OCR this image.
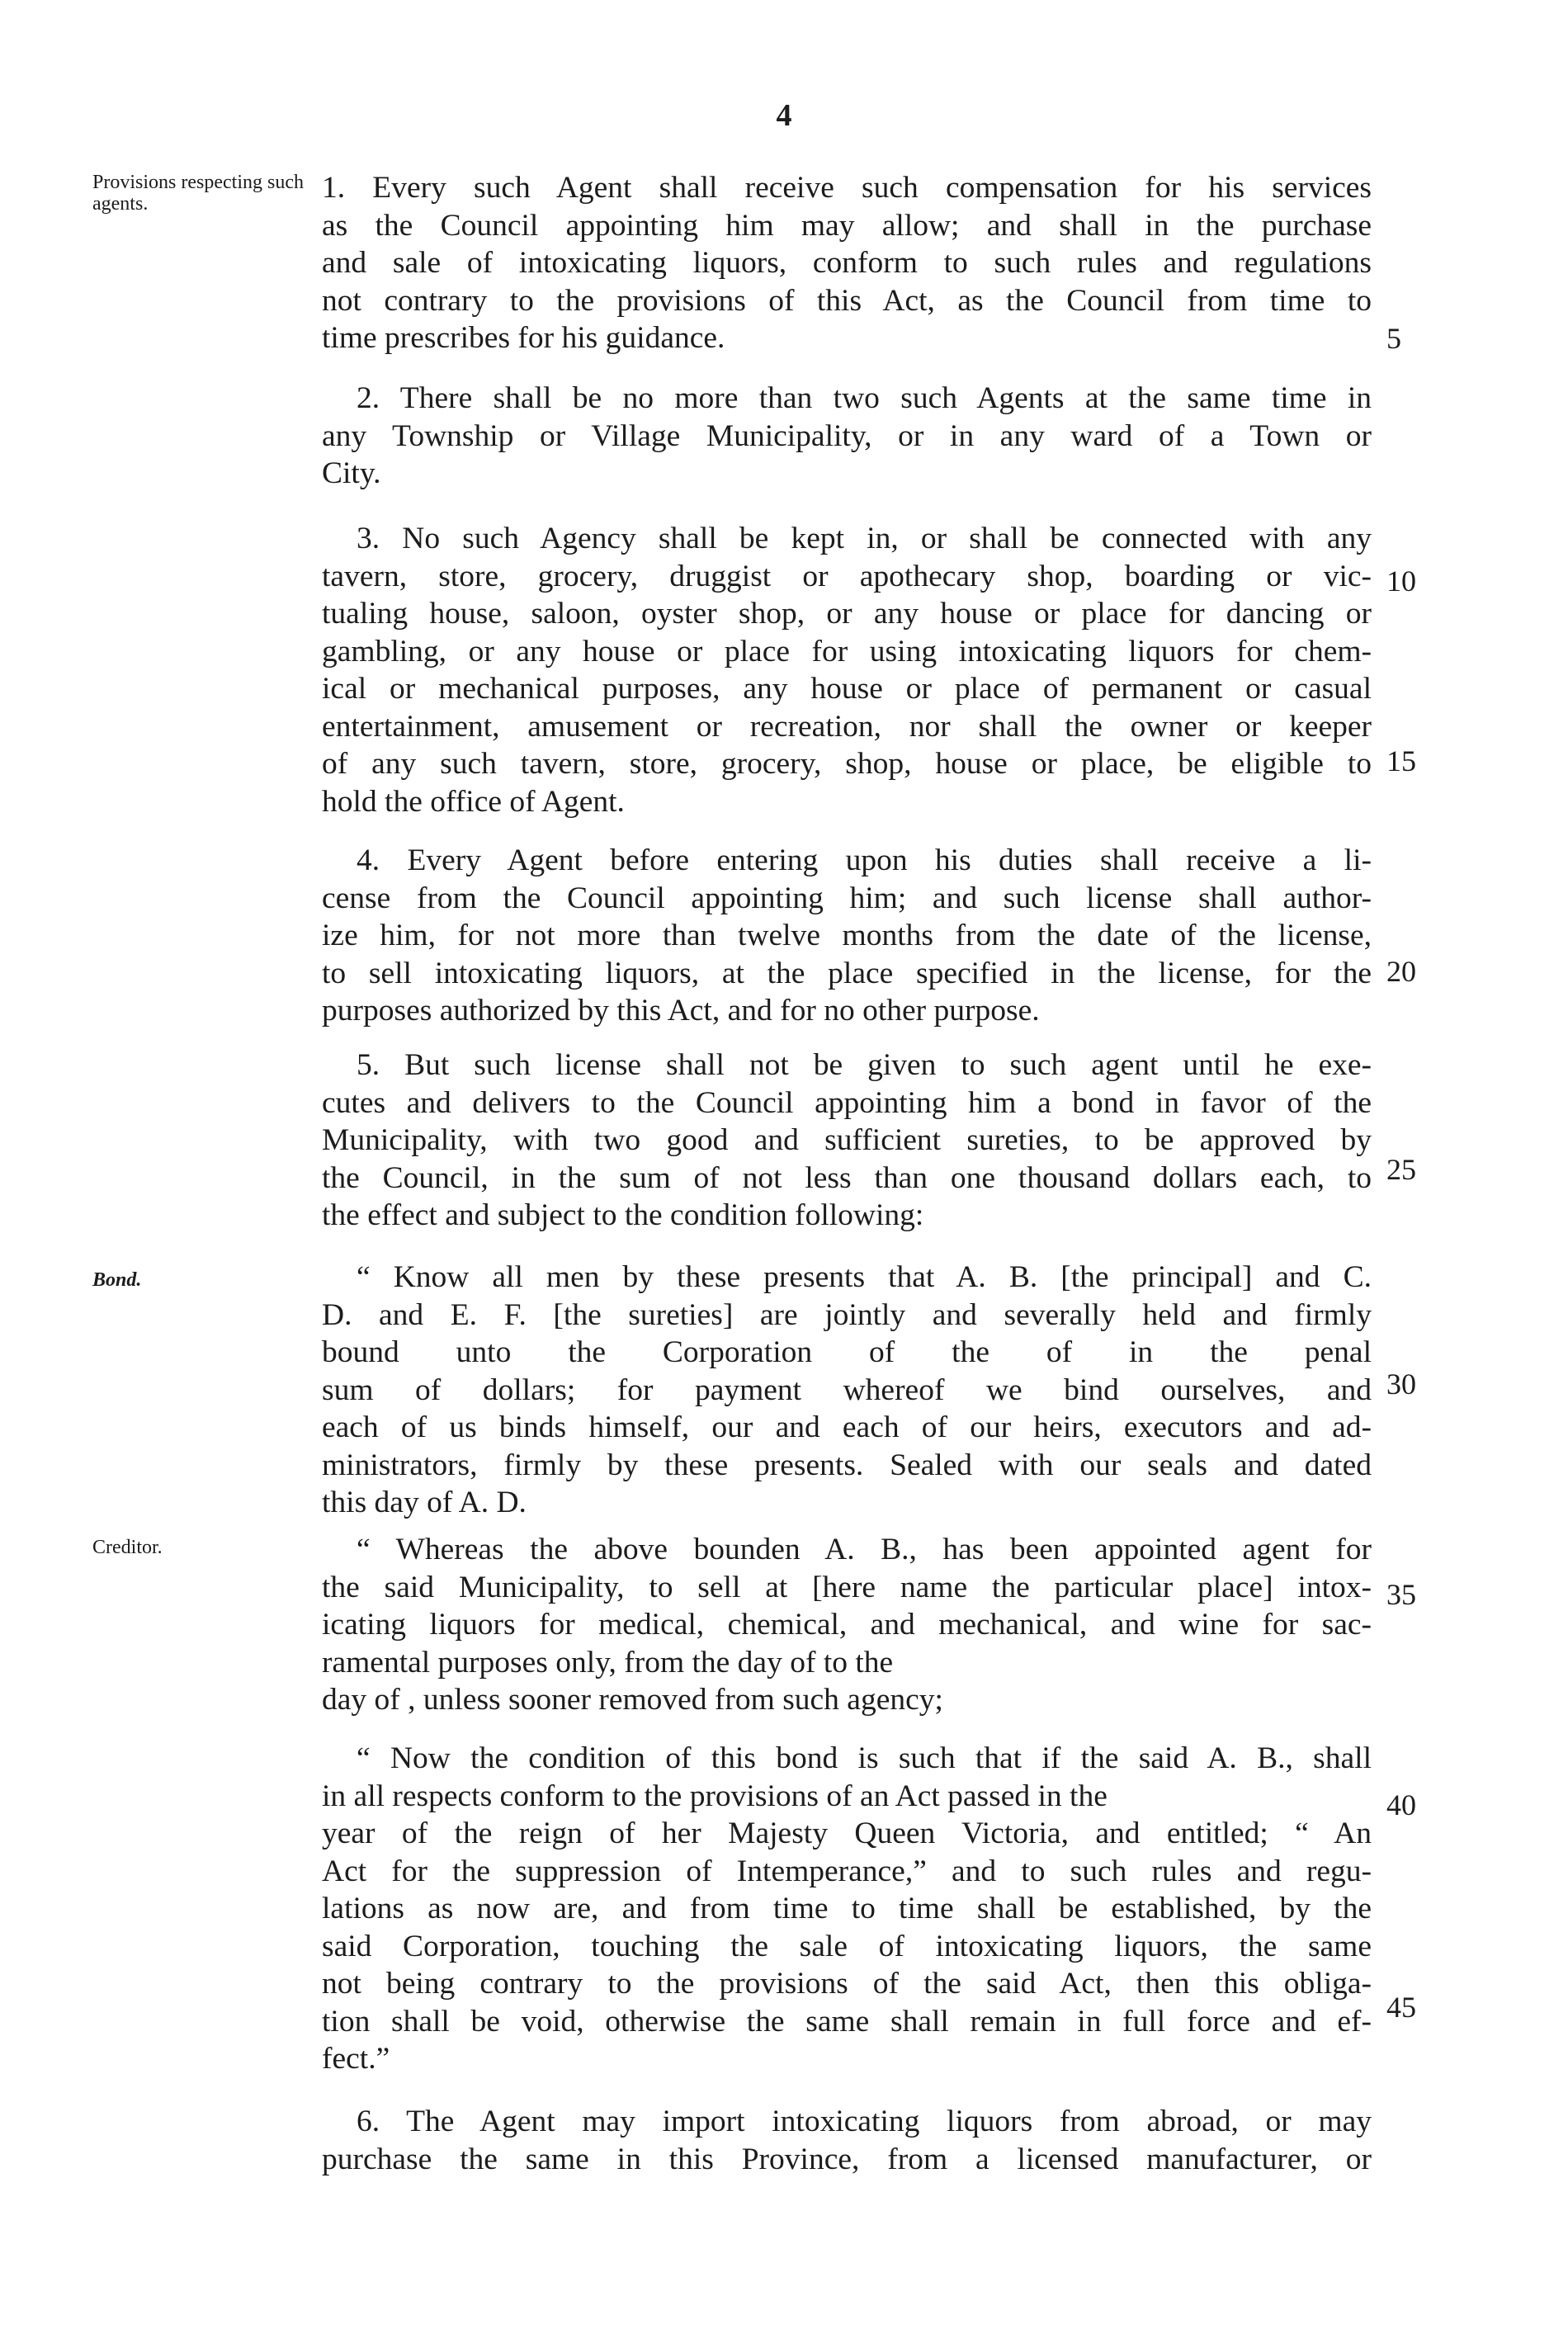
4
Provisions respecting such agents.
Bond.
Creditor.
5
10
15
20
25
30
35
40
45
1. Every such Agent shall receive such compensation for his services
as the Council appointing him may allow; and shall in the purchase
and sale of intoxicating liquors, conform to such rules and regulations
not contrary to the provisions of this Act, as the Council from time to
time prescribes for his guidance.
2. There shall be no more than two such Agents at the same time in
any Township or Village Municipality, or in any ward of a Town or
City.
3. No such Agency shall be kept in, or shall be connected with any
tavern, store, grocery, druggist or apothecary shop, boarding or vic-
tualing house, saloon, oyster shop, or any house or place for dancing or
gambling, or any house or place for using intoxicating liquors for chem-
ical or mechanical purposes, any house or place of permanent or casual
entertainment, amusement or recreation, nor shall the owner or keeper
of any such tavern, store, grocery, shop, house or place, be eligible to
hold the office of Agent.
4. Every Agent before entering upon his duties shall receive a li-
cense from the Council appointing him; and such license shall author-
ize him, for not more than twelve months from the date of the license,
to sell intoxicating liquors, at the place specified in the license, for the
purposes authorized by this Act, and for no other purpose.
5. But such license shall not be given to such agent until he exe-
cutes and delivers to the Council appointing him a bond in favor of the
Municipality, with two good and sufficient sureties, to be approved by
the Council, in the sum of not less than one thousand dollars each, to
the effect and subject to the condition following:
“ Know all men by these presents that A. B. [the principal] and C.
D. and E. F. [the sureties] are jointly and severally held and firmly
bound unto the Corporation of the of in the penal
sum of dollars; for payment whereof we bind ourselves, and
each of us binds himself, our and each of our heirs, executors and ad-
ministrators, firmly by these presents. Sealed with our seals and dated
this day of A. D.
“ Whereas the above bounden A. B., has been appointed agent for
the said Municipality, to sell at [here name the particular place] intox-
icating liquors for medical, chemical, and mechanical, and wine for sac-
ramental purposes only, from the day of to the
day of , unless sooner removed from such agency;
“ Now the condition of this bond is such that if the said A. B., shall
in all respects conform to the provisions of an Act passed in the
year of the reign of her Majesty Queen Victoria, and entitled; “ An
Act for the suppression of Intemperance,” and to such rules and regu-
lations as now are, and from time to time shall be established, by the
said Corporation, touching the sale of intoxicating liquors, the same
not being contrary to the provisions of the said Act, then this obliga-
tion shall be void, otherwise the same shall remain in full force and ef-
fect.”
6. The Agent may import intoxicating liquors from abroad, or may
purchase the same in this Province, from a licensed manufacturer, or
